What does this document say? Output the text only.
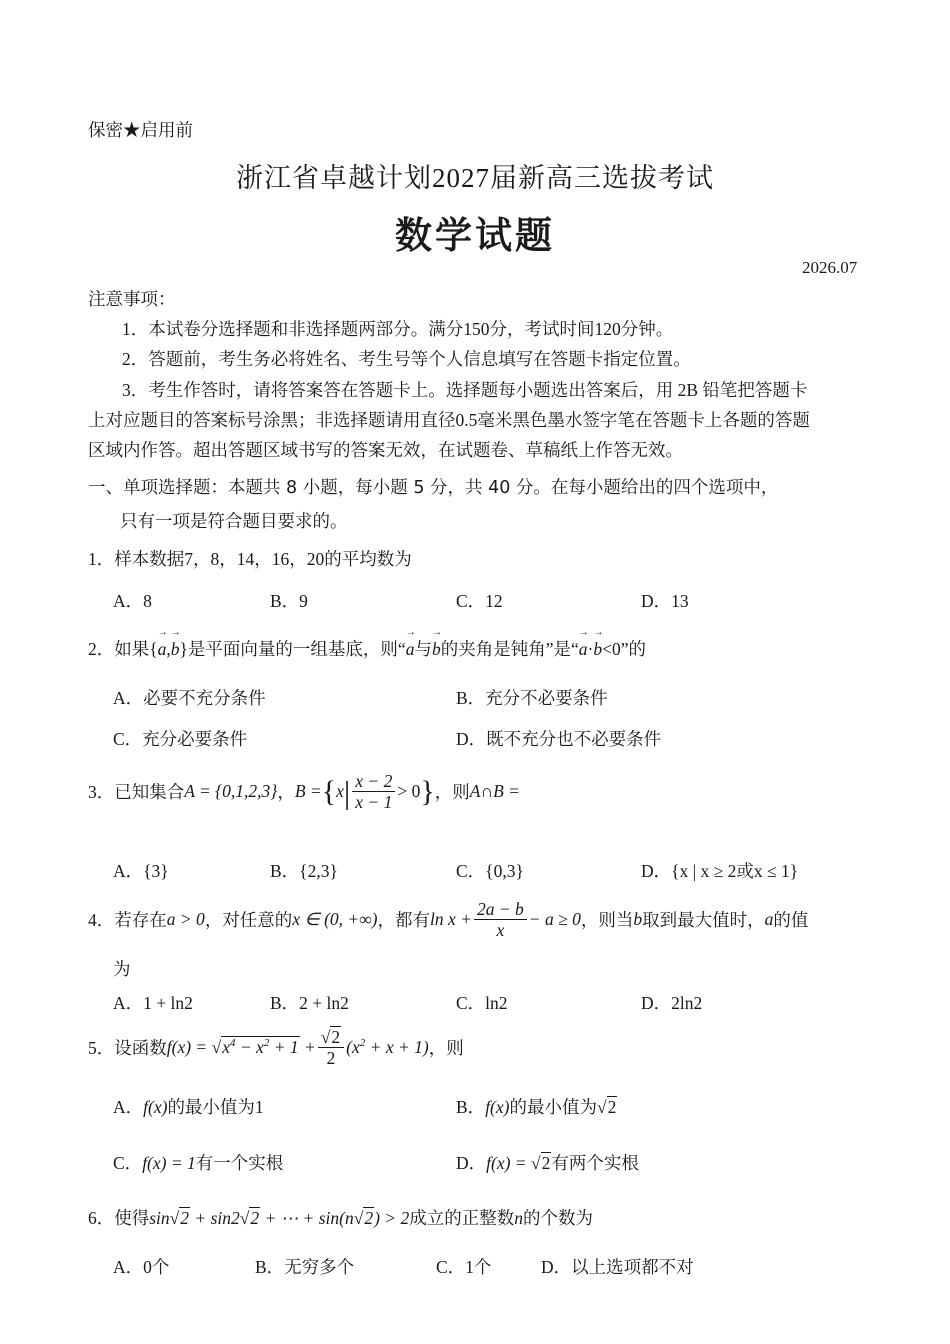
保密★启用前
浙江省卓越计划2027届新高三选拔考试
数学试题
2026.07
注意事项：
1．本试卷分选择题和非选择题两部分。满分150分，考试时间120分钟。
2．答题前，考生务必将姓名、考生号等个人信息填写在答题卡指定位置。
3．考生作答时，请将答案答在答题卡上。选择题每小题选出答案后，用 2B 铅笔把答题卡
上对应题目的答案标号涂黑；非选择题请用直径0.5毫米黑色墨水签字笔在答题卡上各题的答题
区域内作答。超出答题区域书写的答案无效，在试题卷、草稿纸上作答无效。
一、单项选择题：本题共 8 小题，每小题 5 分，共 40 分。在每小题给出的四个选项中，
只有一项是符合题目要求的。
1．样本数据7，8，14，16，20的平均数为
A．8	B．9	C．12	D．13
2．如果{→ a,→ b}是平面向量的一组基底，则“→ a与→ b的夹角是钝角”是“→ a·→ b<0”的
A．必要不充分条件	B．充分不必要条件
C．充分必要条件	D．既不充分也不必要条件
3．已知集合 A = {0,1,2,3} ， B = { x | $\frac{x - 2}{x - 1} > 0$ } ，则 A∩B =
A．{3}	B．{2,3}	C．{0,3}	D．{x | x ≥ 2或x ≤ 1}
4．若存在 a > 0 ，对任意的 x ∈ (0, +∞) ，都有 $\ln x + \frac{2a - b}{x} - a \ge 0$ ，则当 b 取到最大值时， a 的值
为
A．1 + ln2	B．2 + ln2	C．ln2	D．2ln2
5．设函数 $f(x) = √x^4 - x^2 + 1 + \frac{√2}{2} (x^2 + x + 1)$ ，则
A．f(x)的最小值为1	B．f(x)的最小值为√2
C．f(x) = 1有一个实根	D．f(x) = √2有两个实根
6．使得sin√2 + sin2√2 + ⋯ + sin(n√2) > 2成立的正整数n的个数为
A．0个	B．无穷多个	C．1个	D．以上选项都不对
